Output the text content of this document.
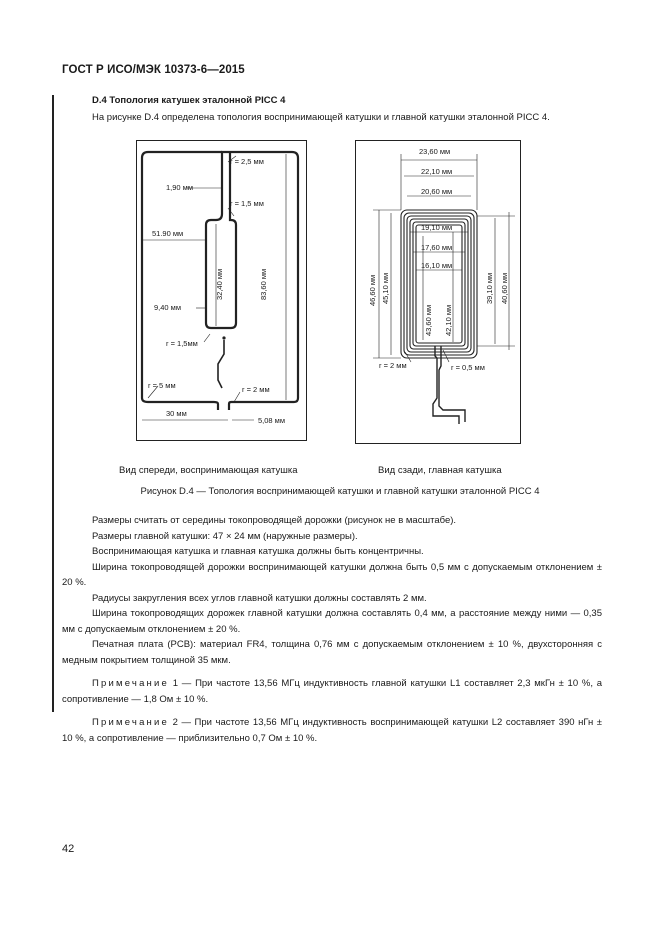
ГОСТ Р ИСО/МЭК 10373-6—2015
D.4 Топология катушек эталонной PICC 4
На рисунке D.4 определена топология воспринимающей катушки и главной катушки эталонной PICC 4.
r = 2,5 мм
1,90 мм
r = 1,5 мм
51.90 мм
32,40 мм	83,60 мм
9,40 мм
r = 1,5мм
r = 5 мм	r = 2 мм
30 мм
5,08 мм
23,60 мм
22,10 мм
20,60 мм
19,10 мм
17,60 мм
16,10 мм
46,60 мм 45,10 мм
43,60 мм 42,10 мм
39,10 мм 40,60 мм
r = 2 мм	r = 0,5 мм
Вид спереди, воспринимающая катушка	Вид сзади, главная катушка
Рисунок D.4 — Топология воспринимающей катушки и главной катушки эталонной PICC 4

Размеры считать от середины токопроводящей дорожки (рисунок не в масштабе).

Размеры главной катушки: 47 × 24 мм (наружные размеры).

Воспринимающая катушка и главная катушка должны быть концентричны.

Ширина токопроводящей дорожки воспринимающей катушки должна быть 0,5 мм с допускаемым отклонением ± 20 %.

Радиусы закругления всех углов главной катушки должны составлять 2 мм.

Ширина токопроводящих дорожек главной катушки должна составлять 0,4 мм, а расстояние между ними — 0,35 мм с допускаемым отклонением ± 20 %.

Печатная плата (PCB): материал FR4, толщина 0,76 мм с допускаемым отклонением ± 10 %, двухсторонняя с медным покрытием толщиной 35 мкм.

Примечание 1 — При частоте 13,56 МГц индуктивность главной катушки L1 составляет 2,3 мкГн ± 10 %, а сопротивление — 1,8 Ом ± 10 %.

Примечание 2 — При частоте 13,56 МГц индуктивность воспринимающей катушки L2 составляет 390 нГн ± 10 %, а сопротивление — приблизительно 0,7 Ом ± 10 %.

42
